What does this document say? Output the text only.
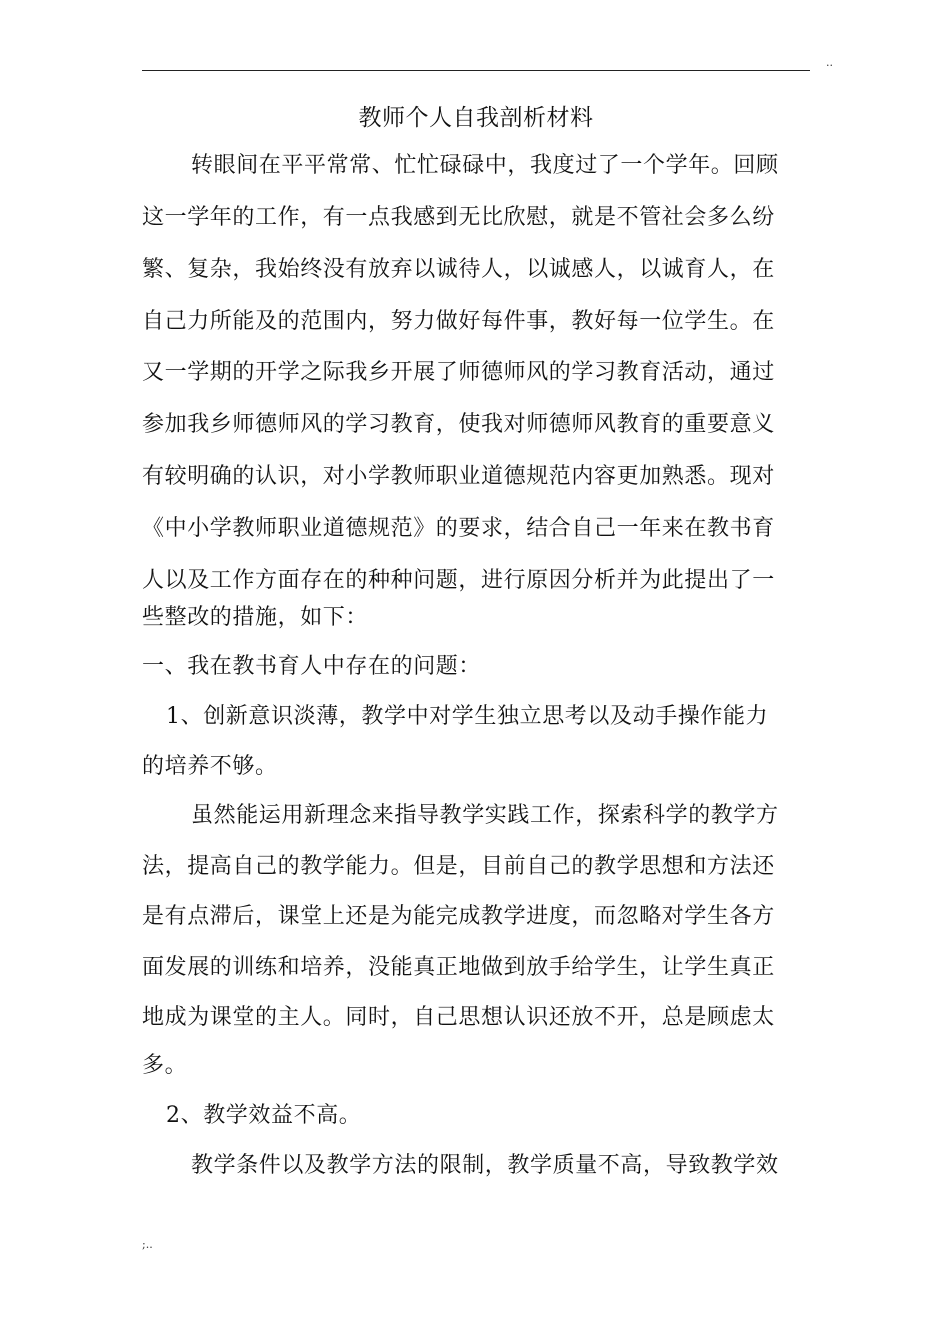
..
教师个人自我剖析材料
转眼间在平平常常、忙忙碌碌中，我度过了一个学年。回顾
这一学年的工作，有一点我感到无比欣慰，就是不管社会多么纷
繁、复杂，我始终没有放弃以诚待人，以诚感人，以诚育人，在
自己力所能及的范围内，努力做好每件事，教好每一位学生。在
又一学期的开学之际我乡开展了师德师风的学习教育活动，通过
参加我乡师德师风的学习教育，使我对师德师风教育的重要意义
有较明确的认识，对小学教师职业道德规范内容更加熟悉。现对
《中小学教师职业道德规范》的要求，结合自己一年来在教书育
人以及工作方面存在的种种问题，进行原因分析并为此提出了一
些整改的措施，如下：
一、我在教书育人中存在的问题：
1、创新意识淡薄，教学中对学生独立思考以及动手操作能力
的培养不够。
虽然能运用新理念来指导教学实践工作，探索科学的教学方
法，提高自己的教学能力。但是，目前自己的教学思想和方法还
是有点滞后，课堂上还是为能完成教学进度，而忽略对学生各方
面发展的训练和培养，没能真正地做到放手给学生，让学生真正
地成为课堂的主人。同时，自己思想认识还放不开，总是顾虑太
多。
2、教学效益不高。
教学条件以及教学方法的限制，教学质量不高，导致教学效
;..
